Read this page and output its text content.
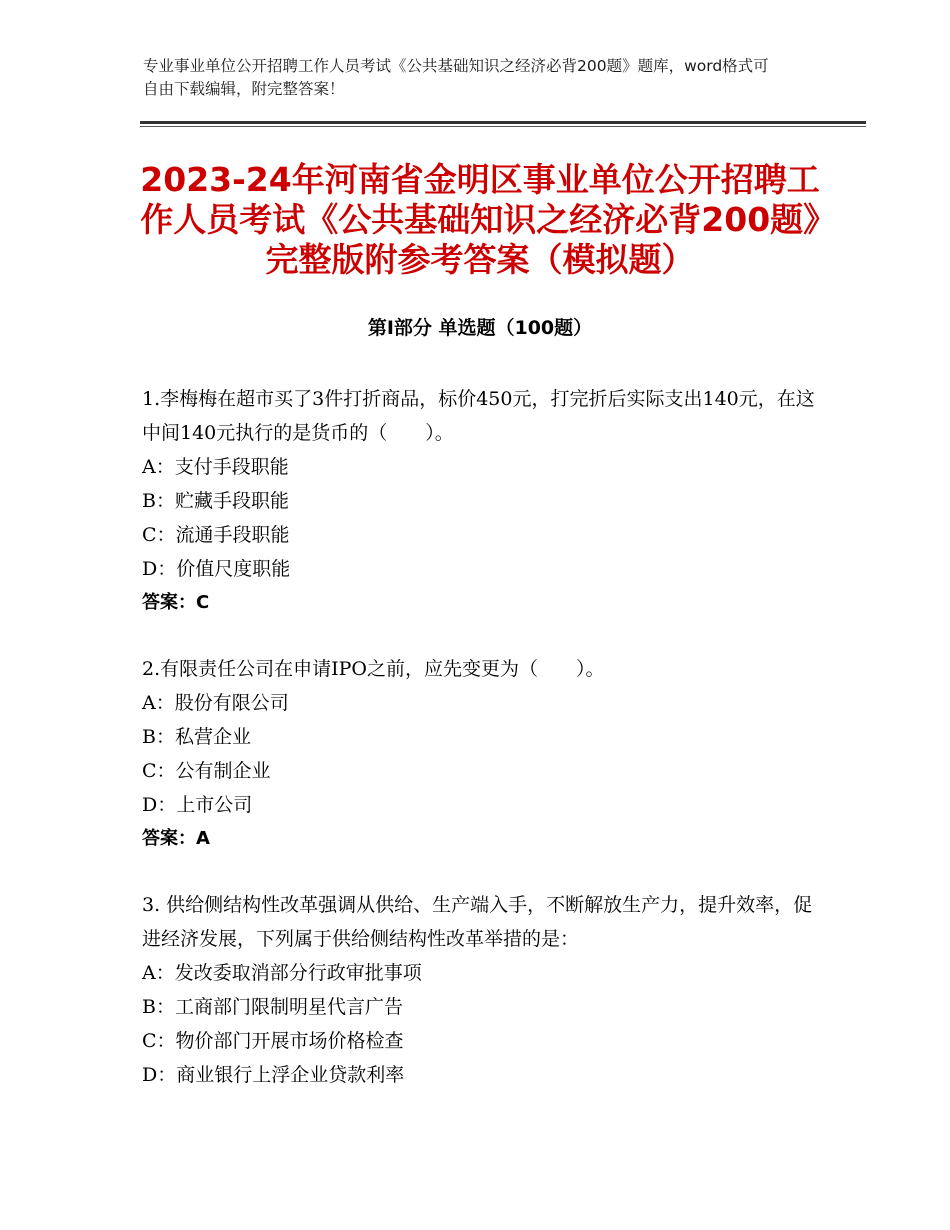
专业事业单位公开招聘工作人员考试《公共基础知识之经济必背200题》题库，word格式可自由下载编辑，附完整答案！
2023-24年河南省金明区事业单位公开招聘工作人员考试《公共基础知识之经济必背200题》完整版附参考答案（模拟题）
第Ⅰ部分 单选题（100题）
1.李梅梅在超市买了3件打折商品，标价450元，打完折后实际支出140元，在这中间140元执行的是货币的（　　）。
A：支付手段职能
B：贮藏手段职能
C：流通手段职能
D：价值尺度职能
答案：C
2.有限责任公司在申请IPO之前，应先变更为（　　）。
A：股份有限公司
B：私营企业
C：公有制企业
D：上市公司
答案：A
3. 供给侧结构性改革强调从供给、生产端入手，不断解放生产力，提升效率，促进经济发展，下列属于供给侧结构性改革举措的是：
A：发改委取消部分行政审批事项
B：工商部门限制明星代言广告
C：物价部门开展市场价格检查
D：商业银行上浮企业贷款利率
